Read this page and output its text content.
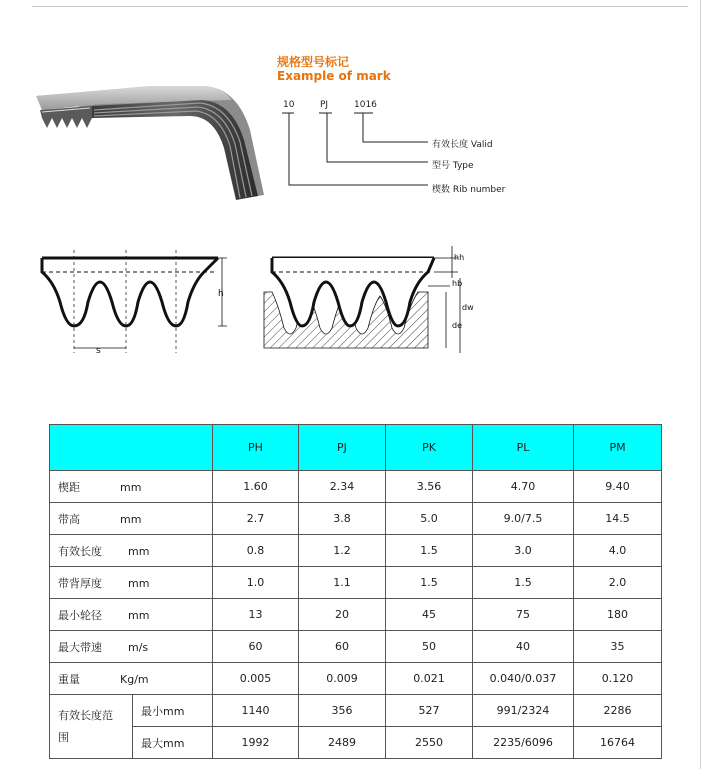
规格型号标记
Example of mark
10	PJ	1016
有效长度 Valid
型号 Type
楔数 Rib number
s
h
hh
hb
de
dw
		PH	PJ	PK	PL	PM
楔距 mm		1.60	2.34	3.56	4.70	9.40
带高 mm		2.7	3.8	5.0	9.0/7.5	14.5
有效长度 mm		0.8	1.2	1.5	3.0	4.0
带背厚度 mm		1.0	1.1	1.5	1.5	2.0
最小轮径 mm		13	20	45	75	180
最大带速 m/s		60	60	50	40	35
重量 Kg/m		0.005	0.009	0.021	0.040/0.037	0.120
有效长度范
围	最小mm	1140	356	527	991/2324	2286
	最大mm	1992	2489	2550	2235/6096	16764
